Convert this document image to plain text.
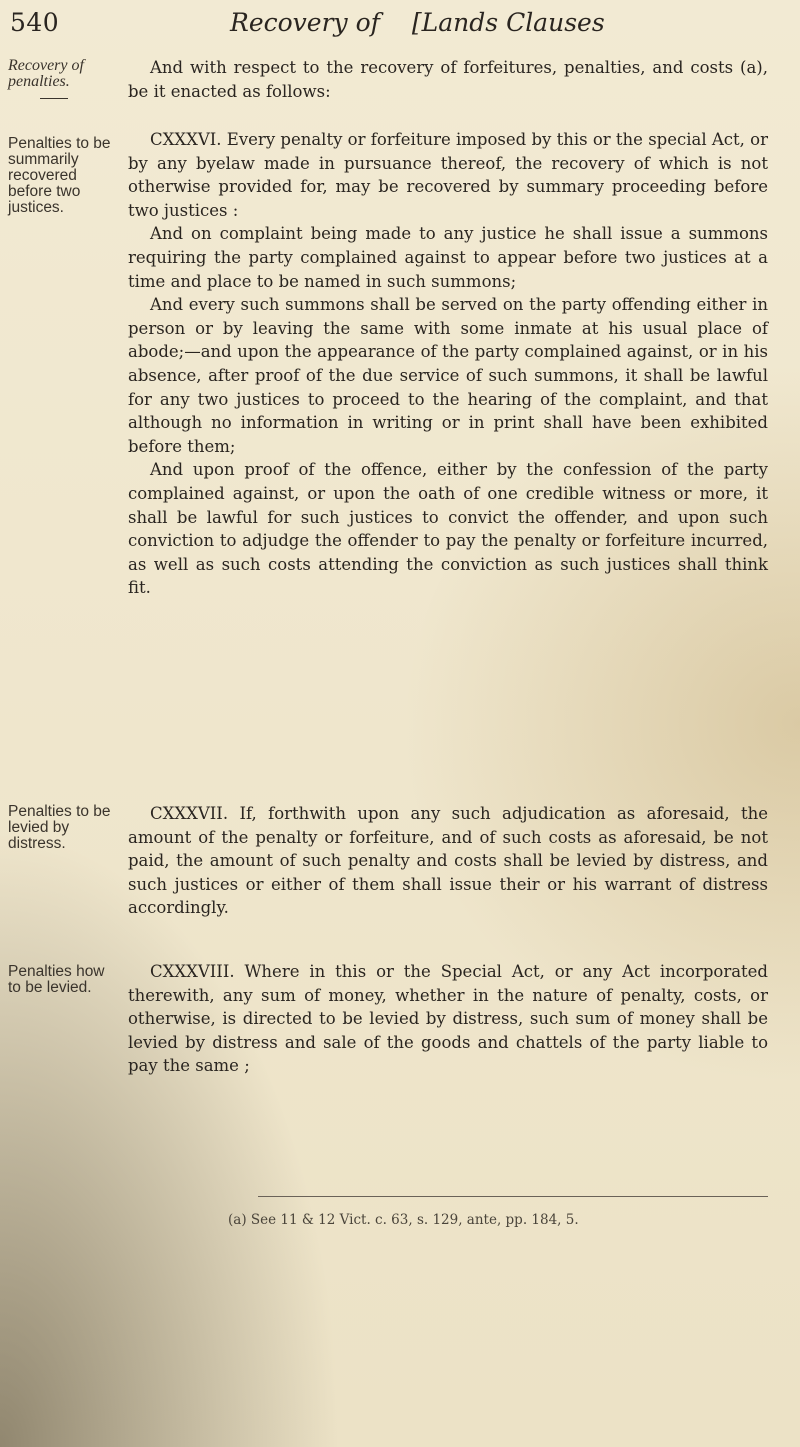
540	Recovery of [Lands Clauses
Recovery of penalties.
Penalties to be summarily recovered before two justices.
Penalties to be levied by distress.
Penalties how to be levied.

And with respect to the recovery of forfeitures, penalties, and costs (a), be it enacted as follows:

CXXXVI. Every penalty or forfeiture imposed by this or the special Act, or by any byelaw made in pursuance thereof, the recovery of which is not otherwise provided for, may be recovered by summary proceeding before two justices :

And on complaint being made to any justice he shall issue a summons requiring the party complained against to appear before two justices at a time and place to be named in such summons;

And every such summons shall be served on the party offending either in person or by leaving the same with some inmate at his usual place of abode;—and upon the appearance of the party complained against, or in his absence, after proof of the due service of such summons, it shall be lawful for any two justices to proceed to the hearing of the complaint, and that although no information in writing or in print shall have been exhibited before them;

And upon proof of the offence, either by the confession of the party complained against, or upon the oath of one credible witness or more, it shall be lawful for such justices to convict the offender, and upon such conviction to adjudge the offender to pay the penalty or forfeiture incurred, as well as such costs attending the conviction as such justices shall think fit.

CXXXVII. If, forthwith upon any such adjudication as aforesaid, the amount of the penalty or forfeiture, and of such costs as aforesaid, be not paid, the amount of such penalty and costs shall be levied by distress, and such justices or either of them shall issue their or his warrant of distress accordingly.

CXXXVIII. Where in this or the Special Act, or any Act incorporated therewith, any sum of money, whether in the nature of penalty, costs, or otherwise, is directed to be levied by distress, such sum of money shall be levied by distress and sale of the goods and chattels of the party liable to pay the same ;

(a) See 11 & 12 Vict. c. 63, s. 129, ante, pp. 184, 5.
